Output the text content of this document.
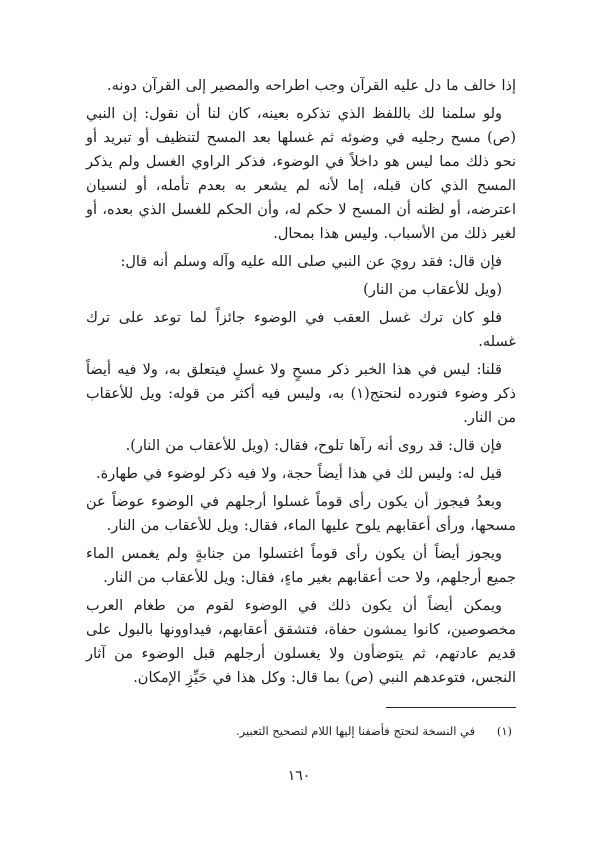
إذا خالف ما دل عليه القرآن وجب اطراحه والمصير إلى القرآن دونه.

ولو سلمنا لك باللفظ الذي تذكره بعينه، كان لنا أن نقول: إن النبي (ص) مسح رجليه في وضوئه ثم غسلها بعد المسح لتنظيف أو تبريد أو نحو ذلك مما ليس هو داخلاً في الوضوء، فذكر الراوي الغسل ولم يذكر المسح الذي كان قبله، إما لأنه لم يشعر به بعدم تأمله، أو لنسيان اعترضه، أو لظنه أن المسح لا حكم له، وأن الحكم للغسل الذي بعده، أو لغير ذلك من الأسباب. وليس هذا بمحال.

فإن قال: فقد رويَ عن النبي صلى الله عليه وآله وسلم أنه قال:

(ويل للأعقاب من النار)

فلو كان ترك غسل العقب في الوضوء جائزاً لما توعد على ترك غسله.

قلنا: ليس في هذا الخبر ذكر مسحٍ ولا غسلٍ فيتعلق به، ولا فيه أيضاً ذكر وضوء فنورده لنحتج(١) به، وليس فيه أكثر من قوله: ويل للأعقاب من النار.

فإن قال: قد روى أنه رآها تلوح، فقال: (ويل للأعقاب من النار).

قيل له: وليس لك في هذا أيضاً حجة، ولا فيه ذكر لوضوء في طهارة.

وبعدُ فيجوز أن يكون رأى قوماً غسلوا أرجلهم في الوضوء عوضاً عن مسحها، ورأى أعقابهم يلوح عليها الماء، فقال: ويل للأعقاب من النار.

ويجوز أيضاً أن يكون رأى قوماً اغتسلوا من جنابةٍ ولم يغمس الماء جميع أرجلهم، ولا حت أعقابهم بغير ماءٍ، فقال: ويل للأعقاب من النار.

ويمكن أيضاً أن يكون ذلك في الوضوء لقوم من طغام العرب مخصوصين، كانوا يمشون حفاة، فتشقق أعقابهم، فيداوونها بالبول على قديم عادتهم، ثم يتوضأون ولا يغسلون أرجلهم قبل الوضوء من آثار النجس، فتوعدهم النبي (ص) بما قال: وكل هذا في حَيِّزِ الإمكان.

(١) في النسخة لنحتج فأضفنا إليها اللام لتصحيح التعبير.
١٦٠
